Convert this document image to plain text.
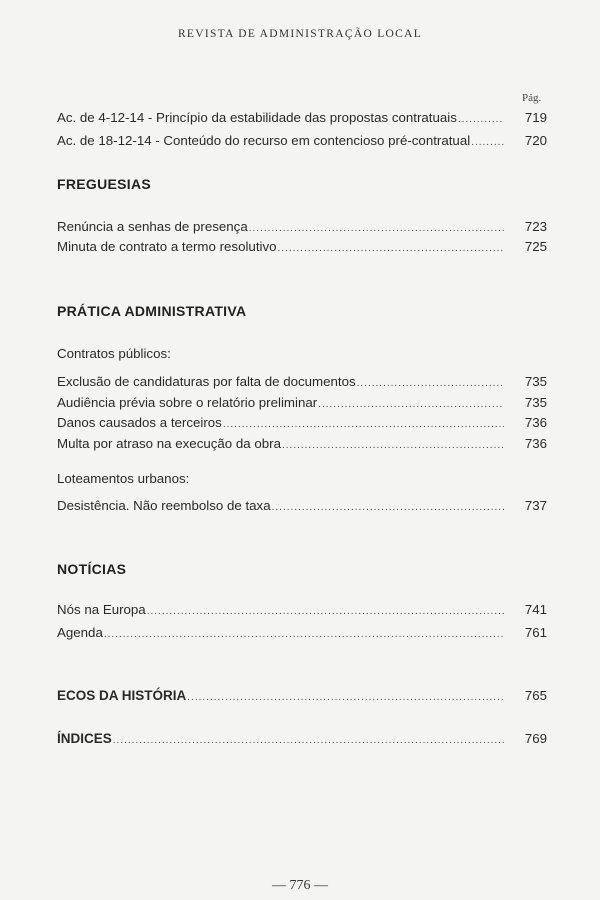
REVISTA DE ADMINISTRAÇÃO LOCAL
Pág.
Ac. de 4-12-14 - Princípio da estabilidade das propostas contratuais .....	719
Ac. de 18-12-14 - Conteúdo do recurso em contencioso pré-contratual .....	720
FREGUESIAS
Renúncia a senhas de presença .....	723
Minuta de contrato a termo resolutivo .....	725
PRÁTICA ADMINISTRATIVA
Contratos públicos:
Exclusão de candidaturas por falta de documentos .....	735
Audiência prévia sobre o relatório preliminar .....	735
Danos causados a terceiros .....	736
Multa por atraso na execução da obra .....	736
Loteamentos urbanos:
Desistência. Não reembolso de taxa .....	737
NOTÍCIAS
Nós na Europa .....	741
Agenda .....	761
ECOS DA HISTÓRIA .....	765
ÍNDICES .....	769
— 776 —
